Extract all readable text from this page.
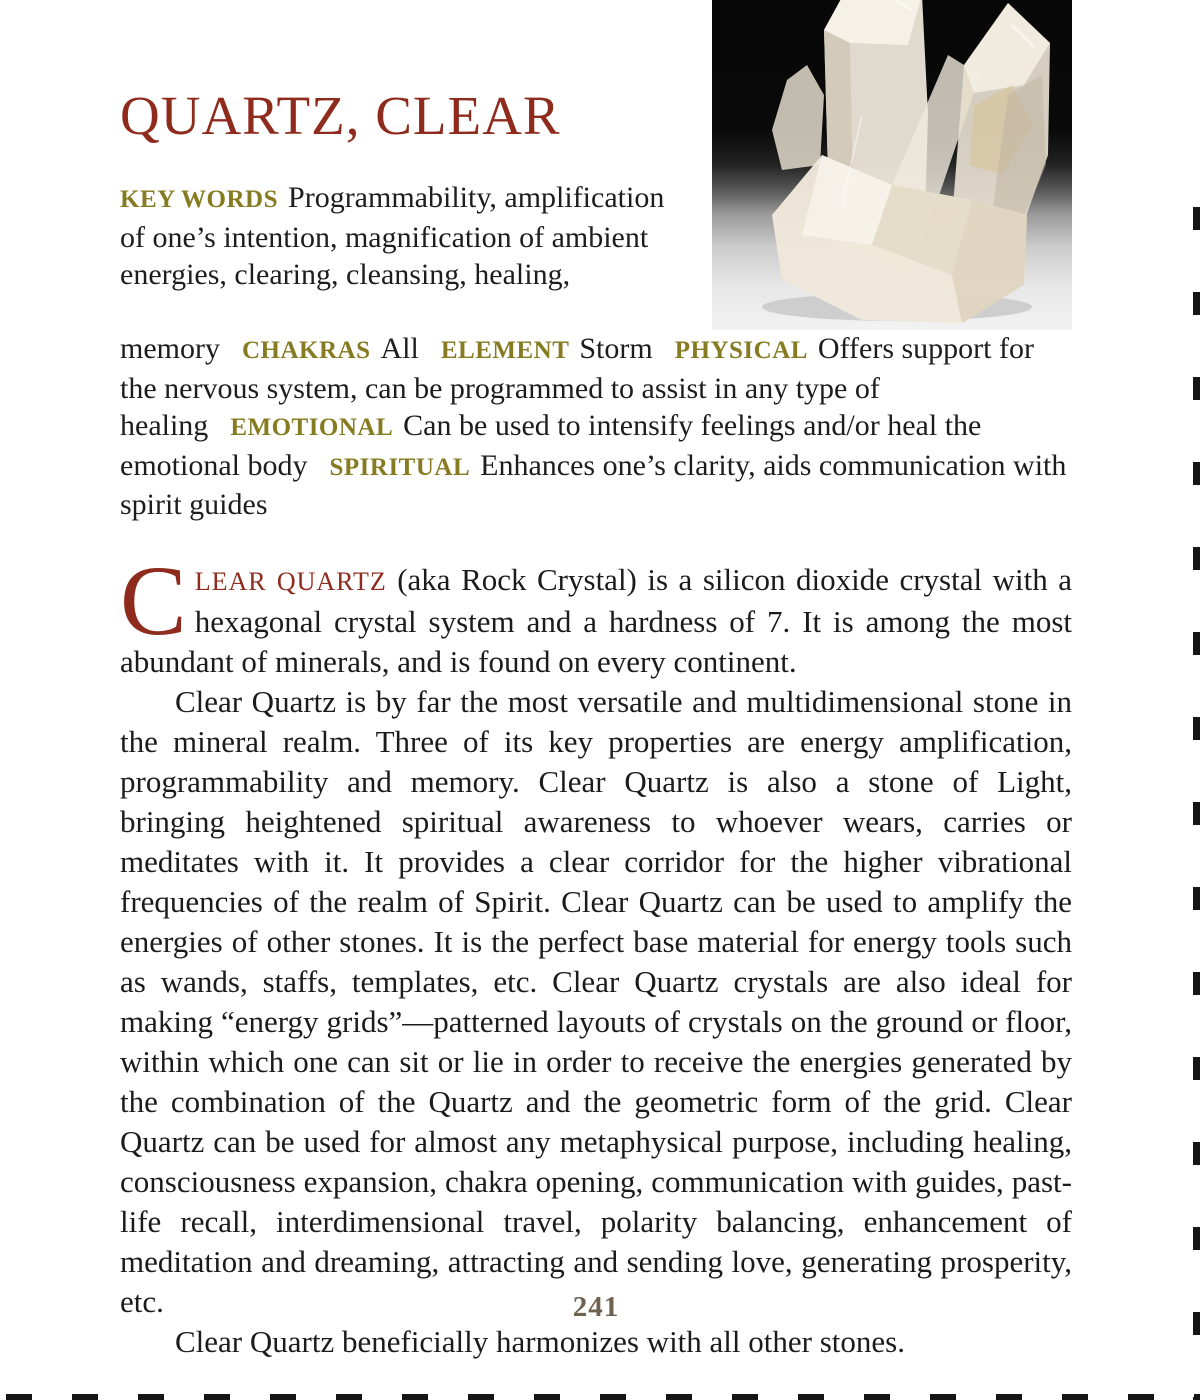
QUARTZ, CLEAR

KEY WORDS Programmability, amplification of one’s intention, magnification of ambient energies, clearing, cleansing, healing, memory CHAKRAS All ELEMENT Storm PHYSICAL Offers support for the nervous system, can be programmed to assist in any type of healing EMOTIONAL Can be used to intensify feelings and/or heal the emotional body SPIRITUAL Enhances one’s clarity, aids communication with spirit guides

CLEAR QUARTZ (aka Rock Crystal) is a silicon dioxide crystal with a hexagonal crystal system and a hardness of 7. It is among the most abundant of minerals, and is found on every continent.

Clear Quartz is by far the most versatile and multidimensional stone in the mineral realm. Three of its key properties are energy amplification, programmability and memory. Clear Quartz is also a stone of Light, bringing heightened spiritual awareness to whoever wears, carries or meditates with it. It provides a clear corridor for the higher vibrational frequencies of the realm of Spirit. Clear Quartz can be used to amplify the energies of other stones. It is the perfect base material for energy tools such as wands, staffs, templates, etc. Clear Quartz crystals are also ideal for making “energy grids”—patterned layouts of crystals on the ground or floor, within which one can sit or lie in order to receive the energies generated by the combination of the Quartz and the geometric form of the grid. Clear Quartz can be used for almost any metaphysical purpose, including healing, consciousness expansion, chakra opening, communication with guides, past-life recall, interdimensional travel, polarity balancing, enhancement of meditation and dreaming, attracting and sending love, generating prosperity, etc.

Clear Quartz beneficially harmonizes with all other stones.

241
